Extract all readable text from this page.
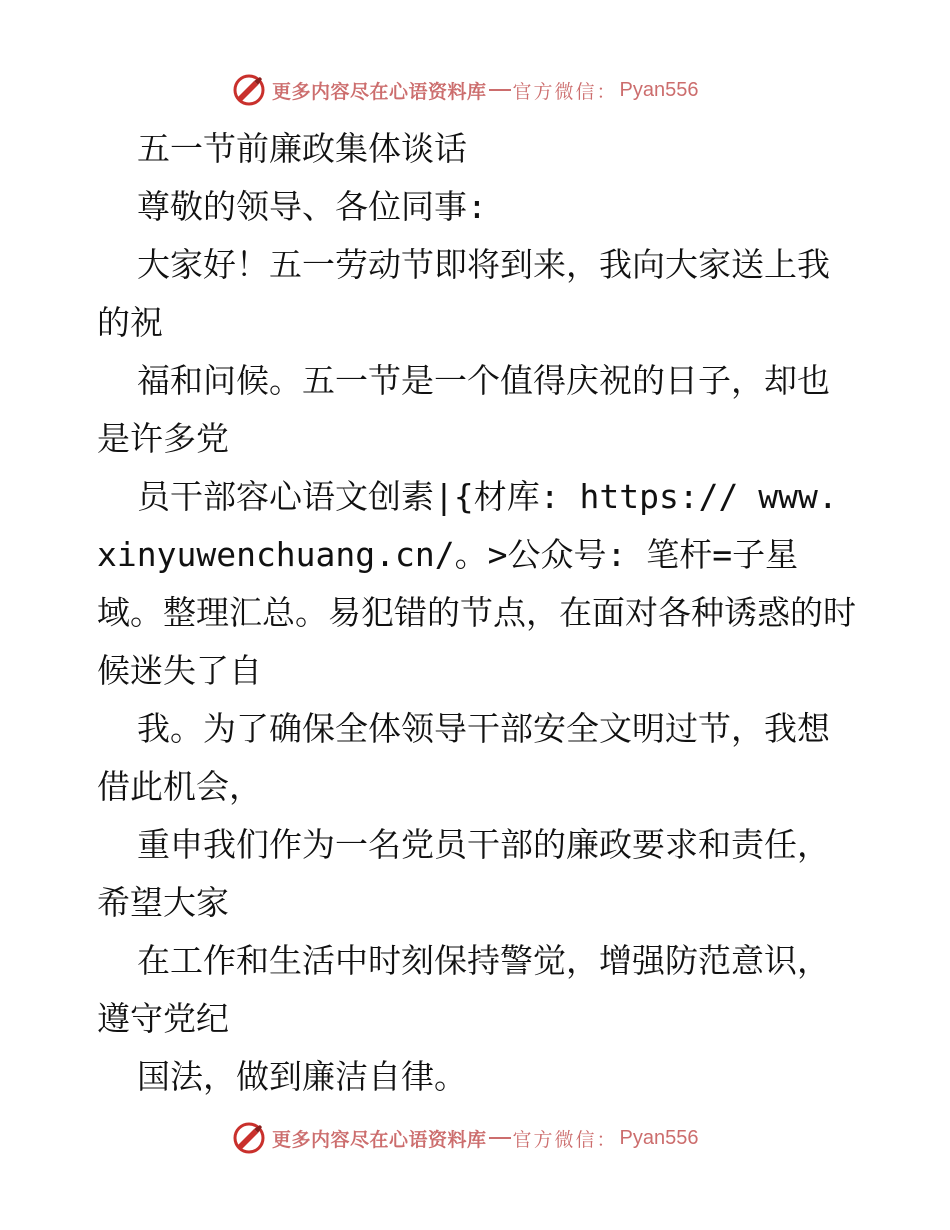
更多内容尽在心语资料库 官方微信： Pyan556

五一节前廉政集体谈话

尊敬的领导、各位同事:

大家好！五一劳动节即将到来，我向大家送上我的祝

福和问候。五一节是一个值得庆祝的日子，却也是许多党

员干部容心语文创素|{材库: https:// www.xinyuwenchuang.cn/。>公众号: 笔杆=子星域。整理汇总。易犯错的节点，在面对各种诱惑的时候迷失了自

我。为了确保全体领导干部安全文明过节，我想借此机会，

重申我们作为一名党员干部的廉政要求和责任，希望大家

在工作和生活中时刻保持警觉，增强防范意识，遵守党纪

国法，做到廉洁自律。

更多内容尽在心语资料库 官方微信： Pyan556
